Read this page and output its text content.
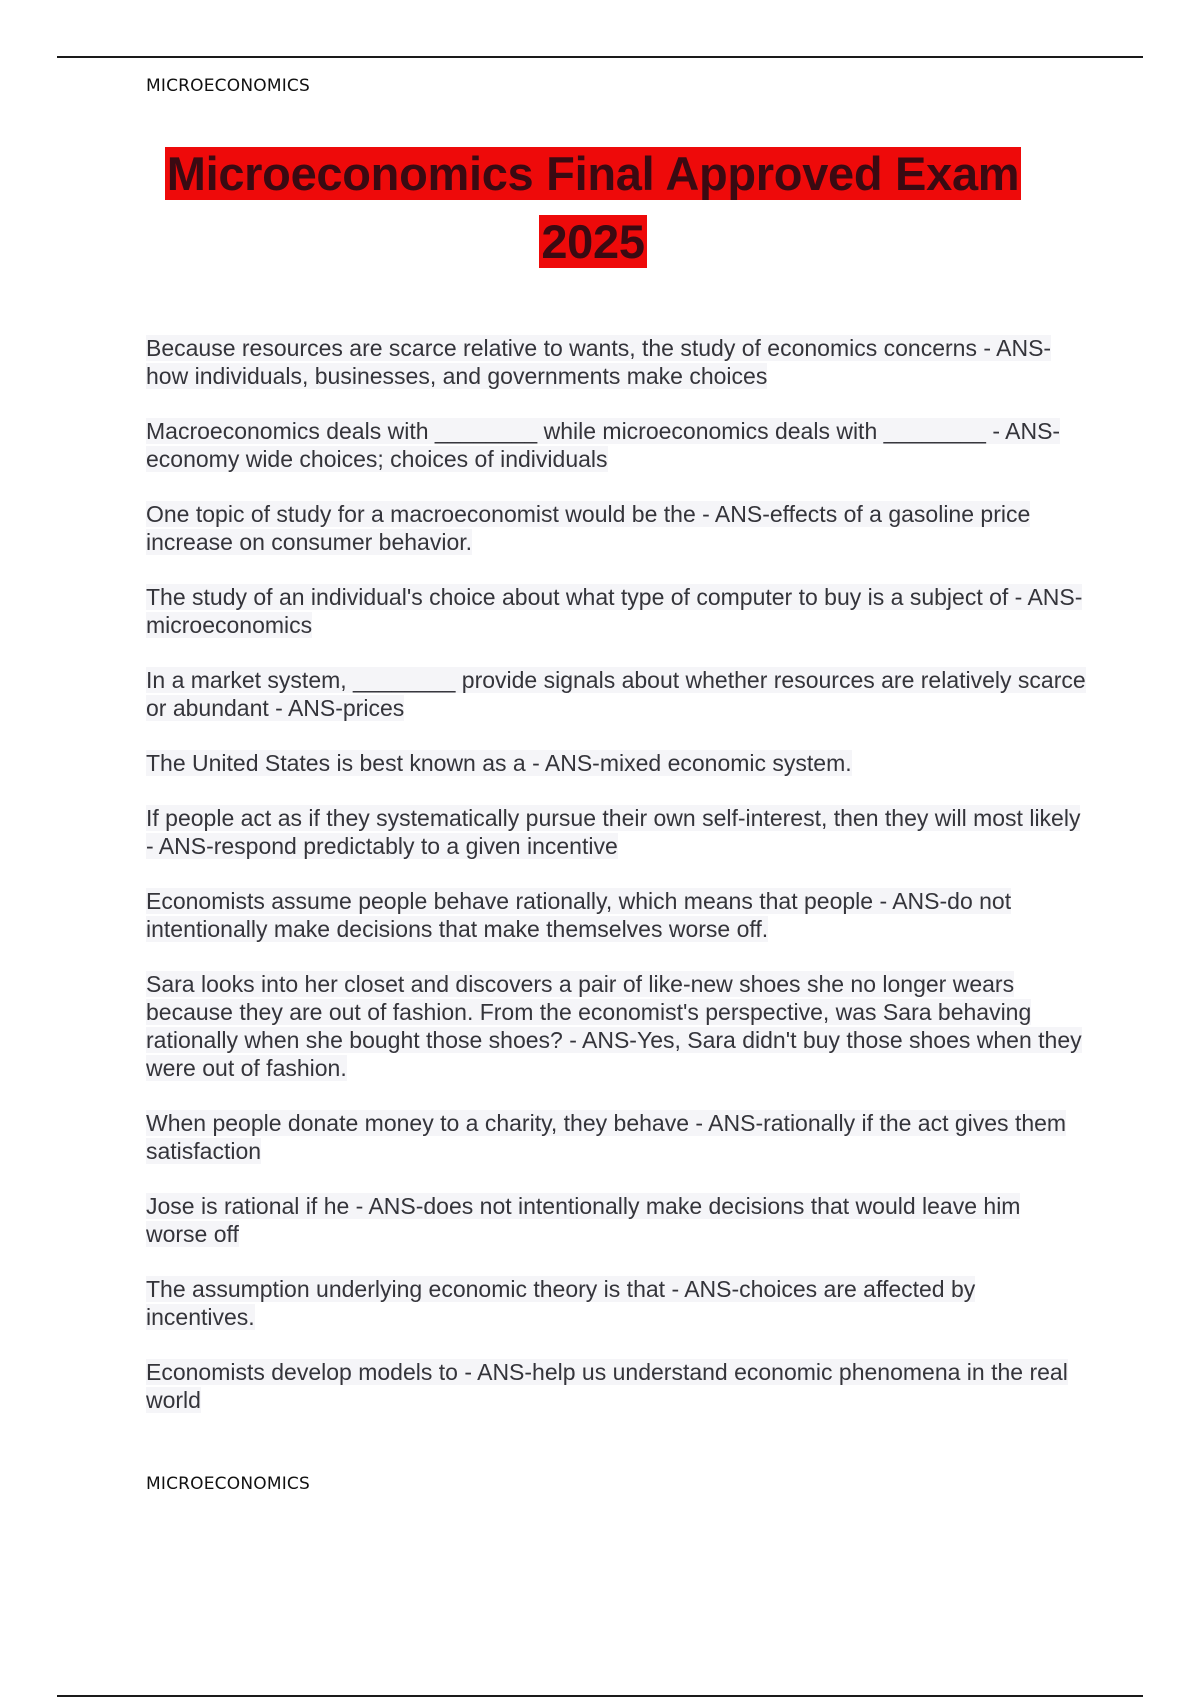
MICROECONOMICS
Microeconomics Final Approved Exam
2025

Because resources are scarce relative to wants, the study of economics concerns - ANS-how individuals, businesses, and governments make choices

Macroeconomics deals with ________ while microeconomics deals with ________ - ANS-economy wide choices; choices of individuals

One topic of study for a macroeconomist would be the - ANS-effects of a gasoline price increase on consumer behavior.

The study of an individual's choice about what type of computer to buy is a subject of - ANS-microeconomics

In a market system, ________ provide signals about whether resources are relatively scarce or abundant - ANS-prices

The United States is best known as a - ANS-mixed economic system.

If people act as if they systematically pursue their own self-interest, then they will most likely - ANS-respond predictably to a given incentive

Economists assume people behave rationally, which means that people - ANS-do not intentionally make decisions that make themselves worse off.

Sara looks into her closet and discovers a pair of like-new shoes she no longer wears because they are out of fashion. From the economist's perspective, was Sara behaving rationally when she bought those shoes? - ANS-Yes, Sara didn't buy those shoes when they were out of fashion.

When people donate money to a charity, they behave - ANS-rationally if the act gives them satisfaction

Jose is rational if he - ANS-does not intentionally make decisions that would leave him worse off

The assumption underlying economic theory is that - ANS-choices are affected by incentives.

Economists develop models to - ANS-help us understand economic phenomena in the real world

MICROECONOMICS
